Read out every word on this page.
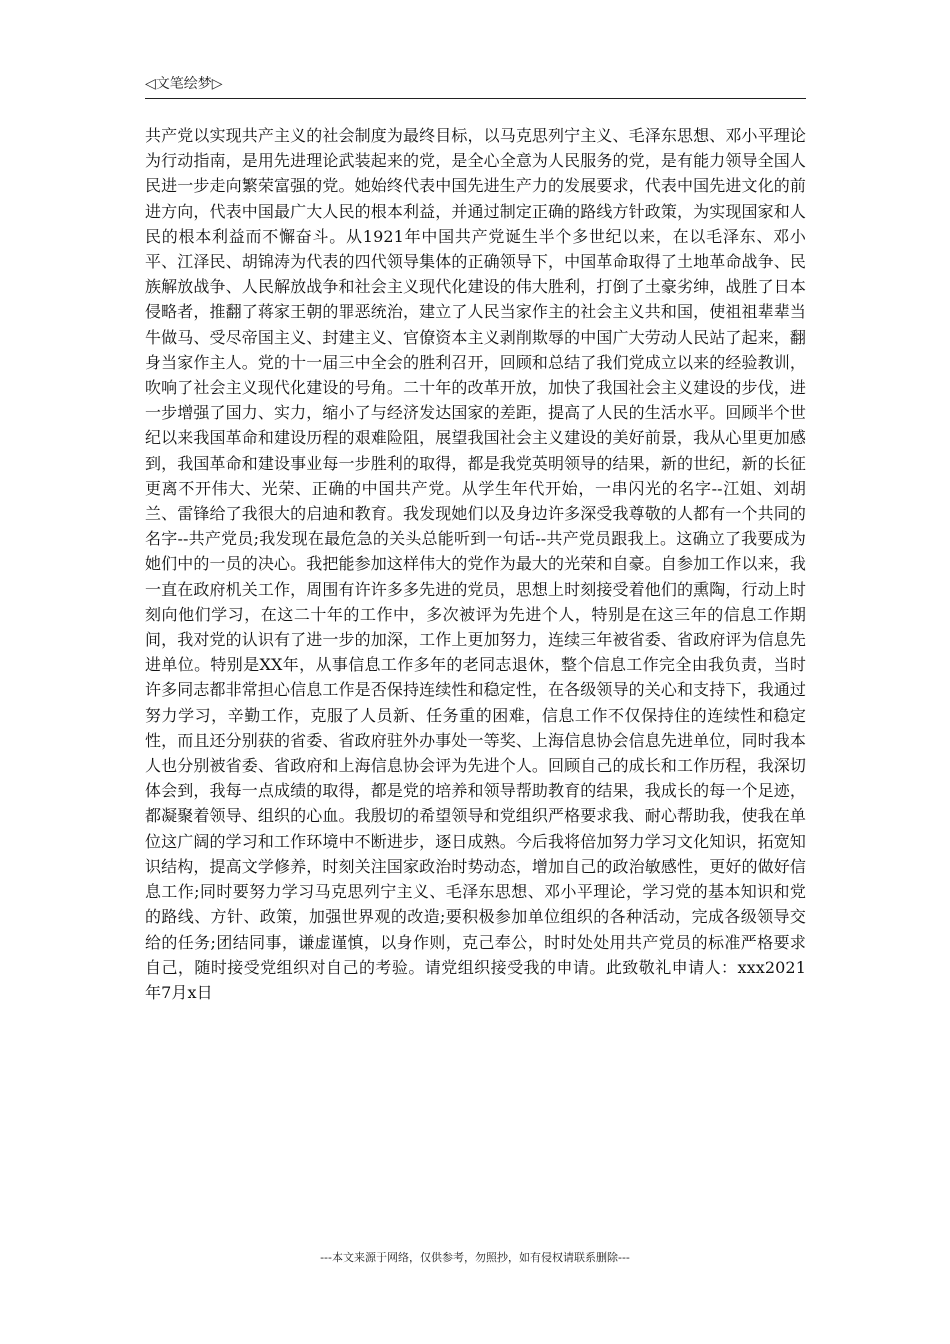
◁文笔绘梦▷

共产党以实现共产主义的社会制度为最终目标，以马克思列宁主义、毛泽东思想、邓小平理论为行动指南，是用先进理论武装起来的党，是全心全意为人民服务的党，是有能力领导全国人民进一步走向繁荣富强的党。她始终代表中国先进生产力的发展要求，代表中国先进文化的前进方向，代表中国最广大人民的根本利益，并通过制定正确的路线方针政策，为实现国家和人民的根本利益而不懈奋斗。从1921年中国共产党诞生半个多世纪以来，在以毛泽东、邓小平、江泽民、胡锦涛为代表的四代领导集体的正确领导下，中国革命取得了土地革命战争、民族解放战争、人民解放战争和社会主义现代化建设的伟大胜利，打倒了土豪劣绅，战胜了日本侵略者，推翻了蒋家王朝的罪恶统治，建立了人民当家作主的社会主义共和国，使祖祖辈辈当牛做马、受尽帝国主义、封建主义、官僚资本主义剥削欺辱的中国广大劳动人民站了起来，翻身当家作主人。党的十一届三中全会的胜利召开，回顾和总结了我们党成立以来的经验教训，吹响了社会主义现代化建设的号角。二十年的改革开放，加快了我国社会主义建设的步伐，进一步增强了国力、实力，缩小了与经济发达国家的差距，提高了人民的生活水平。回顾半个世纪以来我国革命和建设历程的艰难险阻，展望我国社会主义建设的美好前景，我从心里更加感到，我国革命和建设事业每一步胜利的取得，都是我党英明领导的结果，新的世纪，新的长征更离不开伟大、光荣、正确的中国共产党。从学生年代开始，一串闪光的名字--江姐、刘胡兰、雷锋给了我很大的启迪和教育。我发现她们以及身边许多深受我尊敬的人都有一个共同的名字--共产党员;我发现在最危急的关头总能听到一句话--共产党员跟我上。这确立了我要成为她们中的一员的决心。我把能参加这样伟大的党作为最大的光荣和自豪。自参加工作以来，我一直在政府机关工作，周围有许许多多先进的党员，思想上时刻接受着他们的熏陶，行动上时刻向他们学习，在这二十年的工作中，多次被评为先进个人，特别是在这三年的信息工作期间，我对党的认识有了进一步的加深，工作上更加努力，连续三年被省委、省政府评为信息先进单位。特别是XX年，从事信息工作多年的老同志退休，整个信息工作完全由我负责，当时许多同志都非常担心信息工作是否保持连续性和稳定性，在各级领导的关心和支持下，我通过努力学习，辛勤工作，克服了人员新、任务重的困难，信息工作不仅保持住的连续性和稳定性，而且还分别获的省委、省政府驻外办事处一等奖、上海信息协会信息先进单位，同时我本人也分别被省委、省政府和上海信息协会评为先进个人。回顾自己的成长和工作历程，我深切体会到，我每一点成绩的取得，都是党的培养和领导帮助教育的结果，我成长的每一个足迹，都凝聚着领导、组织的心血。我殷切的希望领导和党组织严格要求我、耐心帮助我，使我在单位这广阔的学习和工作环境中不断进步，逐日成熟。今后我将倍加努力学习文化知识，拓宽知识结构，提高文学修养，时刻关注国家政治时势动态，增加自己的政治敏感性，更好的做好信息工作;同时要努力学习马克思列宁主义、毛泽东思想、邓小平理论，学习党的基本知识和党的路线、方针、政策，加强世界观的改造;要积极参加单位组织的各种活动，完成各级领导交给的任务;团结同事，谦虚谨慎，以身作则，克己奉公，时时处处用共产党员的标准严格要求自己，随时接受党组织对自己的考验。请党组织接受我的申请。此致敬礼申请人：xxx2021年7月x日

---本文来源于网络，仅供参考，勿照抄，如有侵权请联系删除---
